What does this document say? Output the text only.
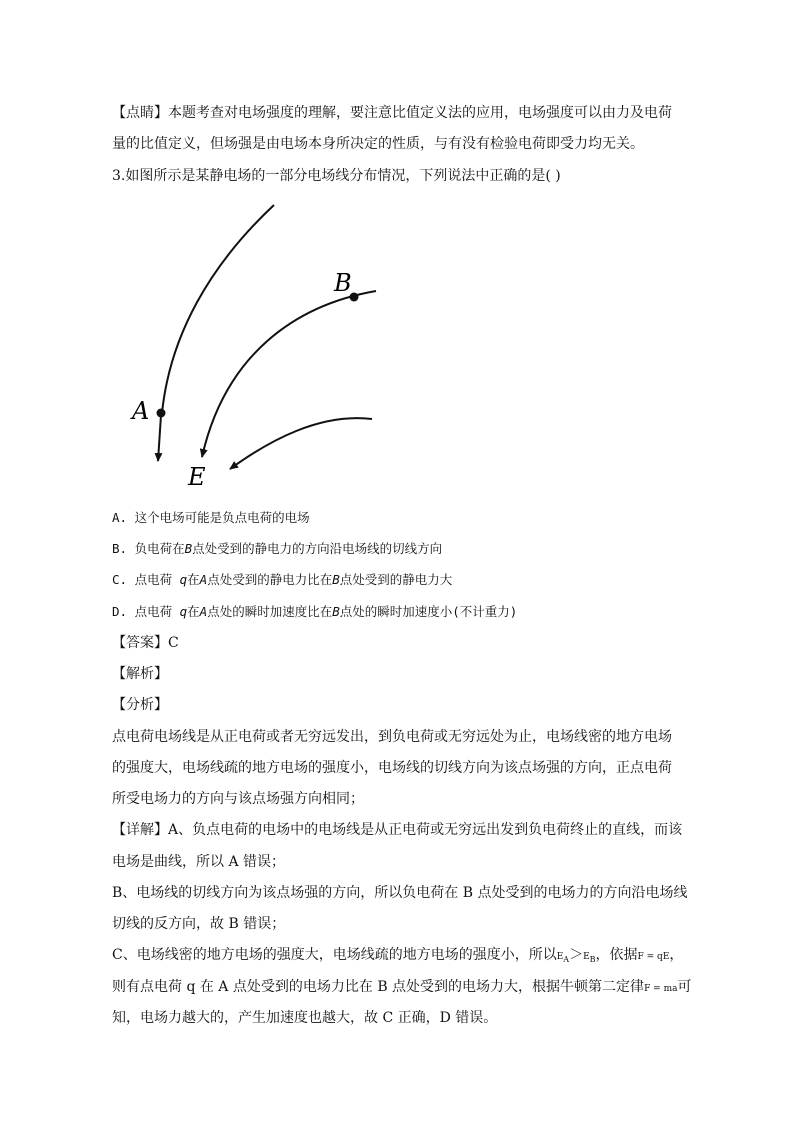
【点睛】本题考查对电场强度的理解，要注意比值定义法的应用，电场强度可以由力及电荷
量的比值定义，但场强是由电场本身所决定的性质，与有没有检验电荷即受力均无关。
3.如图所示是某静电场的一部分电场线分布情况，下列说法中正确的是( )
A
B
E
A. 这个电场可能是负点电荷的电场
B. 负电荷在B点处受到的静电力的方向沿电场线的切线方向
C. 点电荷 q在A点处受到的静电力比在B点处受到的静电力大
D. 点电荷 q在A点处的瞬时加速度比在B点处的瞬时加速度小(不计重力)
【答案】C
【解析】
【分析】
点电荷电场线是从正电荷或者无穷远发出，到负电荷或无穷远处为止，电场线密的地方电场
的强度大，电场线疏的地方电场的强度小，电场线的切线方向为该点场强的方向，正点电荷
所受电场力的方向与该点场强方向相同；
【详解】A、负点电荷的电场中的电场线是从正电荷或无穷远出发到负电荷终止的直线，而该
电场是曲线，所以 A 错误；
B、电场线的切线方向为该点场强的方向，所以负电荷在 B 点处受到的电场力的方向沿电场线
切线的反方向，故 B 错误；
C、电场线密的地方电场的强度大，电场线疏的地方电场的强度小，所以$E_A>E_B$，依据F = qE，
则有点电荷 q 在 A 点处受到的电场力比在 B 点处受到的电场力大，根据牛顿第二定律F = ma可
知，电场力越大的，产生加速度也越大，故 C 正确，D 错误。
